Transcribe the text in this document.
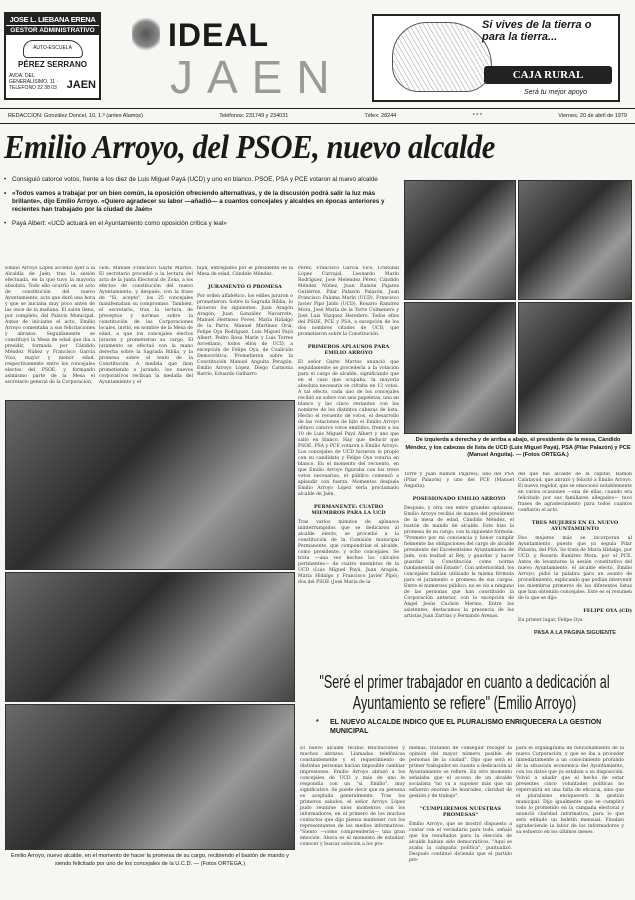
JOSE L. LIEBANA ERENA
GESTOR ADMINISTRATIVO
AUTO-ESCUELA
PÉREZ SERRANO
AVDA. DEL GENERALISIMO, 11 · TELEFONO 22 38 03 JAEN
IDEAL
JAEN
Si vives de la tierra o para la tierra...
CAJA RURAL
Será tu mejor apoyo
REDACCION: González Doncel, 10, 1.º (antes Alamos)	Teléfonos: 231749 y 234031	Télex: 28244	* * *	Viernes, 20 de abril de 1979
Emilio Arroyo, del PSOE, nuevo alcalde

• Consiguió catorce votos, frente a los diez de Luis Miguel Payá (UCD) y uno en blanco. PSOE, PSA y PCE votaron al nuevo alcalde

• «Todos vamos a trabajar por un bien común, la oposición ofreciendo alternativas, y de la discusión podrá salir la luz más brillante», dijo Emilio Arroyo. «Quiero agradecer su labor —añadió— a cuantos concejales y alcaldes en épocas anteriores y recientes han trabajado por la ciudad de Jaén»

• Payá Albert: «UCD actuará en el Ayuntamiento como oposición crítica y leal»

Emilio Arroyo López accedió ayer a la Alcaldía de Jaén, tras la sesión efectuada, en la que tuvo la mayoría absoluta. Todo ello ocurrió en el acto de constitución del nuevo Ayuntamiento, acto que duró una hora y que se iniciaba muy poco antes de las once de la mañana. El salón lleno, por completo, del Palacio Municipal. Antes de iniciarse el acto, Emilio Arroyo comentaba a sus felicitaciones y abrazos. Seguidamente se constituyó la Mesa de edad que iba a presidir, formada por Cándido Méndez Núñez y Francisco García Vico, mayor y menor edad, respectivamente entre los concejales electos del PSOE, y formando asimismo parte de la Mesa el secretario general de la Corporación,
ción, Manuel Francisco Gayte Martos. El secretario procedió a la lectura del acta de la Junta Electoral de Zona, a los efectos de constitución del nuevo Ayuntamiento, y después, con la frase de "Sí, acepto", los 25 concejales manifestaban su compromiso. También, el secretario, tras la lectura de preceptos y normas sobre la constitución de las Corporaciones locales, invitó, en nombre de la Mesa de edad, a que los concejales electos juraran y prometieran su cargo. El juramento se efectuó con la mano derecha sobre la Sagrada Biblia, y la promesa sobre el texto de la Constitución. A medida que iban prometiendo o jurando, los nuevos corporativos recibían la medalla del Ayuntamiento y el

fajín, entregados por el presidente de la Mesa de edad, Cándido Méndez.

JURAMENTO O PROMESA

Por orden alfabético, los ediles juraron o prometieron. Sobre la Sagrada Biblia, lo hicieron los siguientes: Juan Aragón Aragón, Juan González Navarrete, Manuel Hermoso Poves, María Hidalgo de la Parra, Manuel Martínez Oria, Felipe Oya Rodríguez, Luis Miguel Payá Albert, Pedro Rosa Marín y Luis Torres Arcediano, todos ellos de UCD, a excepción de Felipe Oya, de Coalición Democrática. Prometieron sobre la Constitución Manuel Anguita Peragón, Emilio Arroyo López, Diego Carmona Barrio, Eduardo Galbarro

Pérez, Francisco García Vico, Cristóbal López Carvajal, Leonardo Marín Rodríguez, José Melendez Pérez, Cándido Méndez Núñez, Juan Ramón Pajares Gutiérrez, Pilar Palazón Palazón, Juan Francisco Paloma Marín (UCD), Francisco Javier Pipó Jaldo (UCD), Rosario Ramírez Mora, José María de la Torre Colmenero y José Luis Vázquez Heredero. Todos ellos del PSOE, PCE y PSA, a excepción de los dos nombres citados de UCD, que prometieron sobre la Constitución.

PRIMEROS APLAUSOS PARA EMILIO ARROYO

El señor Gayte Martos anunció que seguidamente se procedería a la votación para el cargo de alcalde, significando que en el caso que ocupaba, la mayoría absoluta necesaria se cifraba en 13 votos. A tal efecto, cada uno de los concejales recibió un sobre con seis papeletas, una en blanco y las cinco restantes con los nombres de los distintos cabezas de lista. Hecho el recuento de votos, el desarrollo de las votaciones de hito el Emilio Arroyo obtuvo catorce votos emitidos, frente a los 10 de Luis Miguel Payá Albert y uno que salió en blanco. Hay que deducir que PSOE, PSA y PCE votaron a Emilio Arroyo. Los concejales de UCD hicieron lo propio con su candidato y Felipe Oya votaría en blanco. En el momento del recuento, en que Emilio Arroyo figuraba con los trece votos necesarios, el público comenzó a aplaudir con fuerza. Momentos después Emilio Arroyo López sería proclamado alcalde de Jaén.

PERMANENTE: CUATRO MIEMBROS PARA LA UCD

Tras varios minutos de aplausos ininterrumpidos que se dedicaron al alcalde electo, se procedió a la constitución de la Comisión municipal Permanente, que compondrían el alcalde, como presidente, y ocho concejales. Se trata —una vez hechos los cálculos pertinentes— de cuatro miembros de la UCD (Luis Miguel Payá, Juan Aragón, María Hidalgo y Francisco Javier Pipó); dos del PSOE (José María de la

De izquierda a derecha y de arriba a abajo, el presidente de la mesa, Cándido Méndez, y los cabezas de lista de UCD (Luis Miguel Payá), PSA (Pilar Palazón) y PCE (Manuel Anguita). — (Fotos ORTEGA.)

Torre y Juan Ramón Pajares); uno del PSA (Pilar Palazón) y uno del PCE (Manuel Anguita).

POSESIONADO EMILIO ARROYO

Después, y otra vez entre grandes aplausos, Emilio Arroyo recibió de manos del presidente de la mesa de edad, Cándido Méndez, el bastón de mando de alcalde. Este hizo la promesa de su cargo, con la siguiente fórmula: "Prometo por mi conciencia y honor cumplir fielmente las obligaciones del cargo de alcalde presidente del Excelentísimo Ayuntamiento de Jaén, con lealtad al Rey, y guardar y hacer guardar la Constitución como norma fundamental del Estado". Con anterioridad, los concejales habían utilizado la misma fórmula para el juramento o promesa de sus cargos. Entre el numeroso público, no se vio a ninguno de las personas que han constituido la Corporación anterior, con la excepción de Ángel Jesús Cuchón Merino. Entre los asistentes, destacamos la presencia de los artistas Juan Zarrías y Fernando Arenas.

del que fue alcalde de la capital, Ramón Calatayud, que abrazó y felicitó a Emilio Arroyo. El nuevo regidor, que se emocionó notablemente en varios ocasiones —una de ellas, cuando era felicitado por sus familiares allegados— tuvo frases de agradecimiento para todos cuantos confiaron el acto.

TRES MUJERES EN EL NUEVO AYUNTAMIENTO

Dos mujeres más se incorporan al Ayuntamiento, puesto que ya seguía Pilar Palazón, del PSA. Se trata de María Hidalgo, por UCD, y Rosario Ramírez Mora, por el PCE. Antes de levantarse la sesión constitutiva del nuevo Ayuntamiento, el alcalde electo, Emilio Arroyo, pidió la palabra para un asunto de procedimiento, explicando que podían intervenir los miembros primeros de las diferentes listas que han obtenido concejales. Este es el resumen de lo que se dijo:

FELIPE OYA (CD)

En primer lugar, Felipe Oya

PASA A LA PAGINA SIGUIENTE
Emilio Arroyo, nuevo alcalde, en el momento de hacer la promesa de su cargo, recibiendo el bastón de mando y siendo felicitado por uno de los concejales de la U.C.D. — (Fotos ORTEGA.)
"Seré el primer trabajador en cuanto a dedicación al Ayuntamiento se refiere" (Emilio Arroyo)
* EL NUEVO ALCALDE INDICO QUE EL PLURALISMO ENRIQUECERA LA GESTION MUNICIPAL
El nuevo alcalde recibió felicitaciones y muchos abrazos. Llamadas telefónicas constantemente y el requerimiento de distintas personas hacían imposible cambiar impresiones. Emilio Arroyo abrazó a los concejales de UCD y más de uno le respondía con un "sí, Emilio", muy significativo. Se puede decir que su persona es aceptada generalmente. Tras los primeros saludos, el señor Arroyo López pudo reunirse unos momentos con los informadores, en el primero de los muchos contactos que dijo piensa mantener con los representantes de los medios informativos. "Siento —como comprenderás— una gran emoción. Ahora es el momento de estudiar, conocer y buscar solución a los pro-

blemas, tratando de conseguir recoger la opinión del mayor número posible de personas de la ciudad". Dijo que será el primer trabajador en cuanto a dedicación al Ayuntamiento se refiere. En otro momento señalaba que el acceso de un alcalde socialista "no va a suponer más que un esfuerzo enorme de honradez, claridad de gestión y de trabajo".

"CUMPLIREMOS NUESTRAS PROMESAS"

Emilio Arroyo, que se mostró dispuesto a contar con el vecindario para todo, señaló que los resultados para la elección de alcalde habían sido democráticos. "Aquí se acaba la campaña política", puntualizó. Después continuó diciendo que el partido pre-

para el organigrama de funcionamiento de la nueva Corporación, y que se iba a proceder inmediatamente a un conocimiento profundo de la situación económica del Ayuntamiento, con los datos que ya estaban a su disposición. Volvió a añadir que el hecho de estar presentes cinco voluntades políticas no repercutirá en una falta de eficacia, sino que el pluralismo enriquecerá la gestión municipal. Dijo igualmente que se cumplirá todo lo prometido en la campaña electoral y anunció claridad informativa, para lo que será editado un boletín mensual. Finalizó agradeciendo la labor de los informadores y su esfuerzo en los últimos meses.
